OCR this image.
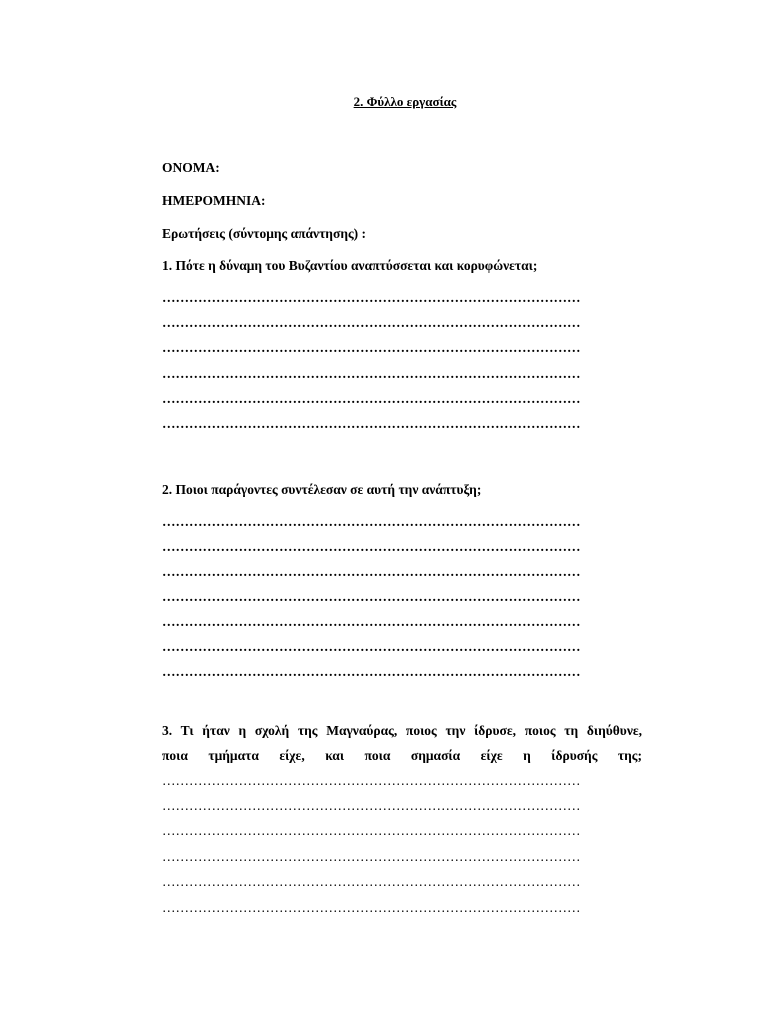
2. Φύλλο εργασίας
ΟΝΟΜΑ:
ΗΜΕΡΟΜΗΝΙΑ:
Ερωτήσεις (σύντομης απάντησης) :
1. Πότε η δύναμη του Βυζαντίου αναπτύσσεται και κορυφώνεται;
…………………………………………………………………………………
…………………………………………………………………………………
…………………………………………………………………………………
…………………………………………………………………………………
…………………………………………………………………………………
…………………………………………………………………………………
2. Ποιοι παράγοντες συντέλεσαν σε αυτή την ανάπτυξη;
…………………………………………………………………………………
…………………………………………………………………………………
…………………………………………………………………………………
…………………………………………………………………………………
…………………………………………………………………………………
…………………………………………………………………………………
…………………………………………………………………………………
3. Τι ήταν η σχολή της Μαγναύρας, ποιος την ίδρυσε, ποιος τη διηύθυνε,
ποια τμήματα είχε, και ποια σημασία είχε η ίδρυσής της;
…………………………………………………………………………………
…………………………………………………………………………………
…………………………………………………………………………………
…………………………………………………………………………………
…………………………………………………………………………………
…………………………………………………………………………………
